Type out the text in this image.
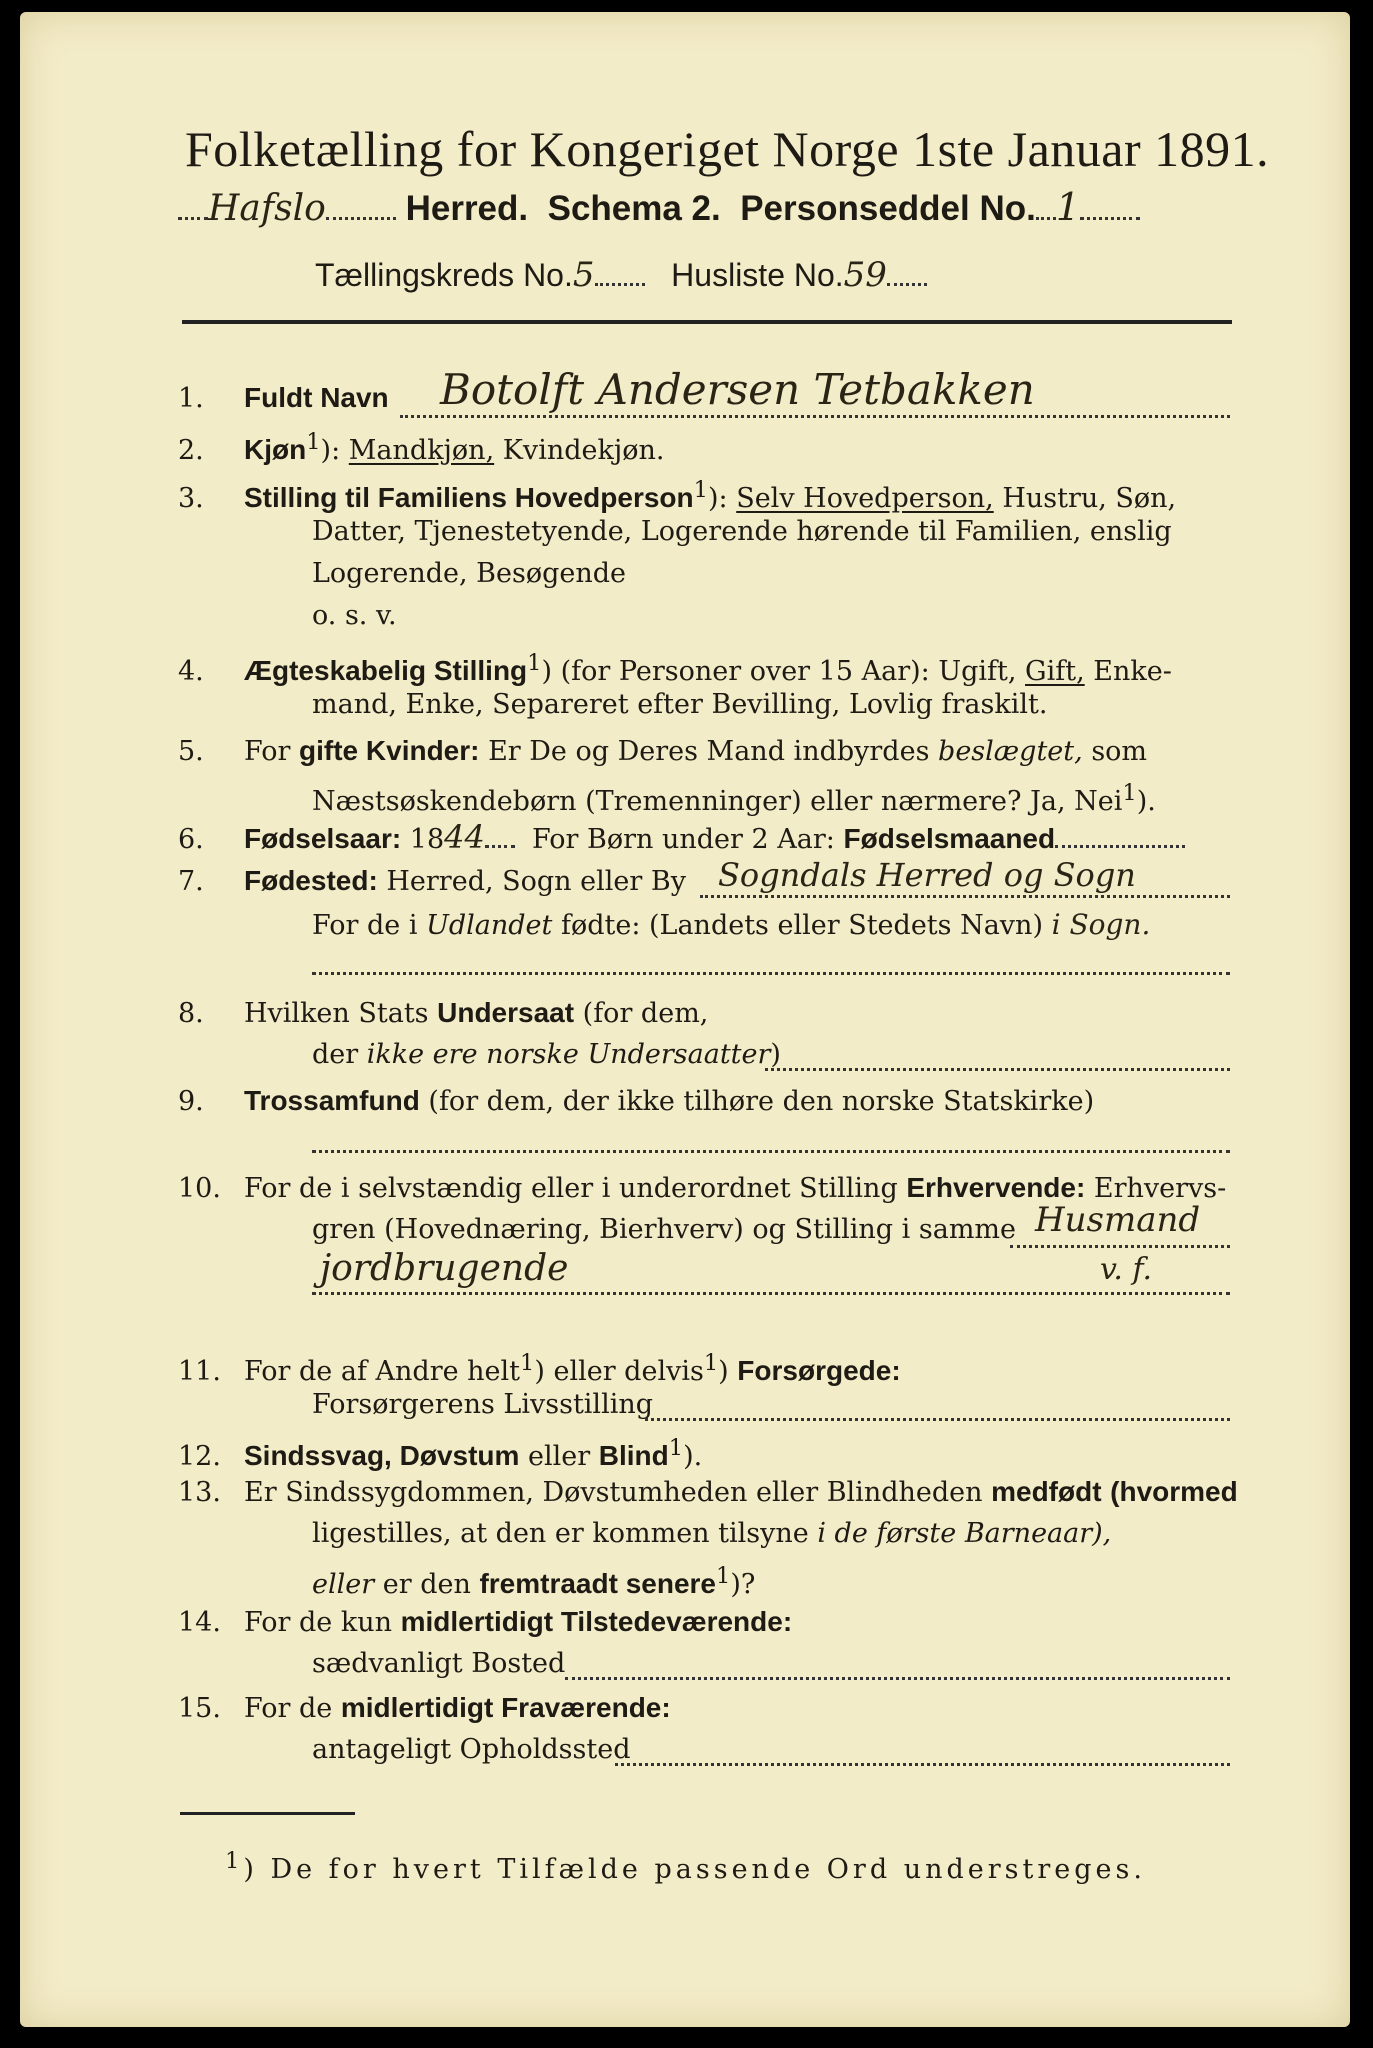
Folketælling for Kongeriget Norge 1ste Januar 1891.
Hafslo Herred. Schema 2. Personseddel No. 1
Tællingskreds No.5 Husliste No.59
1. Fuldt Navn Botolft Andersen Tetbakken
2. Kjøn$^1$): Mandkjøn, Kvindekjøn.
3. Stilling til Familiens Hovedperson$^1$): Selv Hovedperson, Hustru, Søn,
Datter, Tjenestetyende, Logerende hørende til Familien, enslig
Logerende, Besøgende
o. s. v.
4. Ægteskabelig Stilling$^1$) (for Personer over 15 Aar): Ugift, Gift, Enke-
mand, Enke, Separeret efter Bevilling, Lovlig fraskilt.
5. For gifte Kvinder: Er De og Deres Mand indbyrdes beslægtet, som
Næstsøskendebørn (Tremenninger) eller nærmere? Ja, Nei$^1$).
6. Fødselsaar: 1844 For Børn under 2 Aar: Fødselsmaaned
7. Fødested: Herred, Sogn eller By Sogndals Herred og Sogn
For de i Udlandet fødte: (Landets eller Stedets Navn) i Sogn.
8. Hvilken Stats Undersaat (for dem,
der ikke ere norske Undersaatter)
9. Trossamfund (for dem, der ikke tilhøre den norske Statskirke)
10. For de i selvstændig eller i underordnet Stilling Erhvervende: Erhvervs-
gren (Hovednæring, Bierhverv) og Stilling i samme Husmand
jordbrugende	v. f.
11. For de af Andre helt$^1$) eller delvis$^1$) Forsørgede:
Forsørgerens Livsstilling
12. Sindssvag, Døvstum eller Blind$^1$).
13. Er Sindssygdommen, Døvstumheden eller Blindheden medfødt (hvormed
ligestilles, at den er kommen tilsyne i de første Barneaar),
eller er den fremtraadt senere$^1$)?
14. For de kun midlertidigt Tilstedeværende:
sædvanligt Bosted
15. For de midlertidigt Fraværende:
antageligt Opholdssted
$^1$) De for hvert Tilfælde passende Ord understreges.
